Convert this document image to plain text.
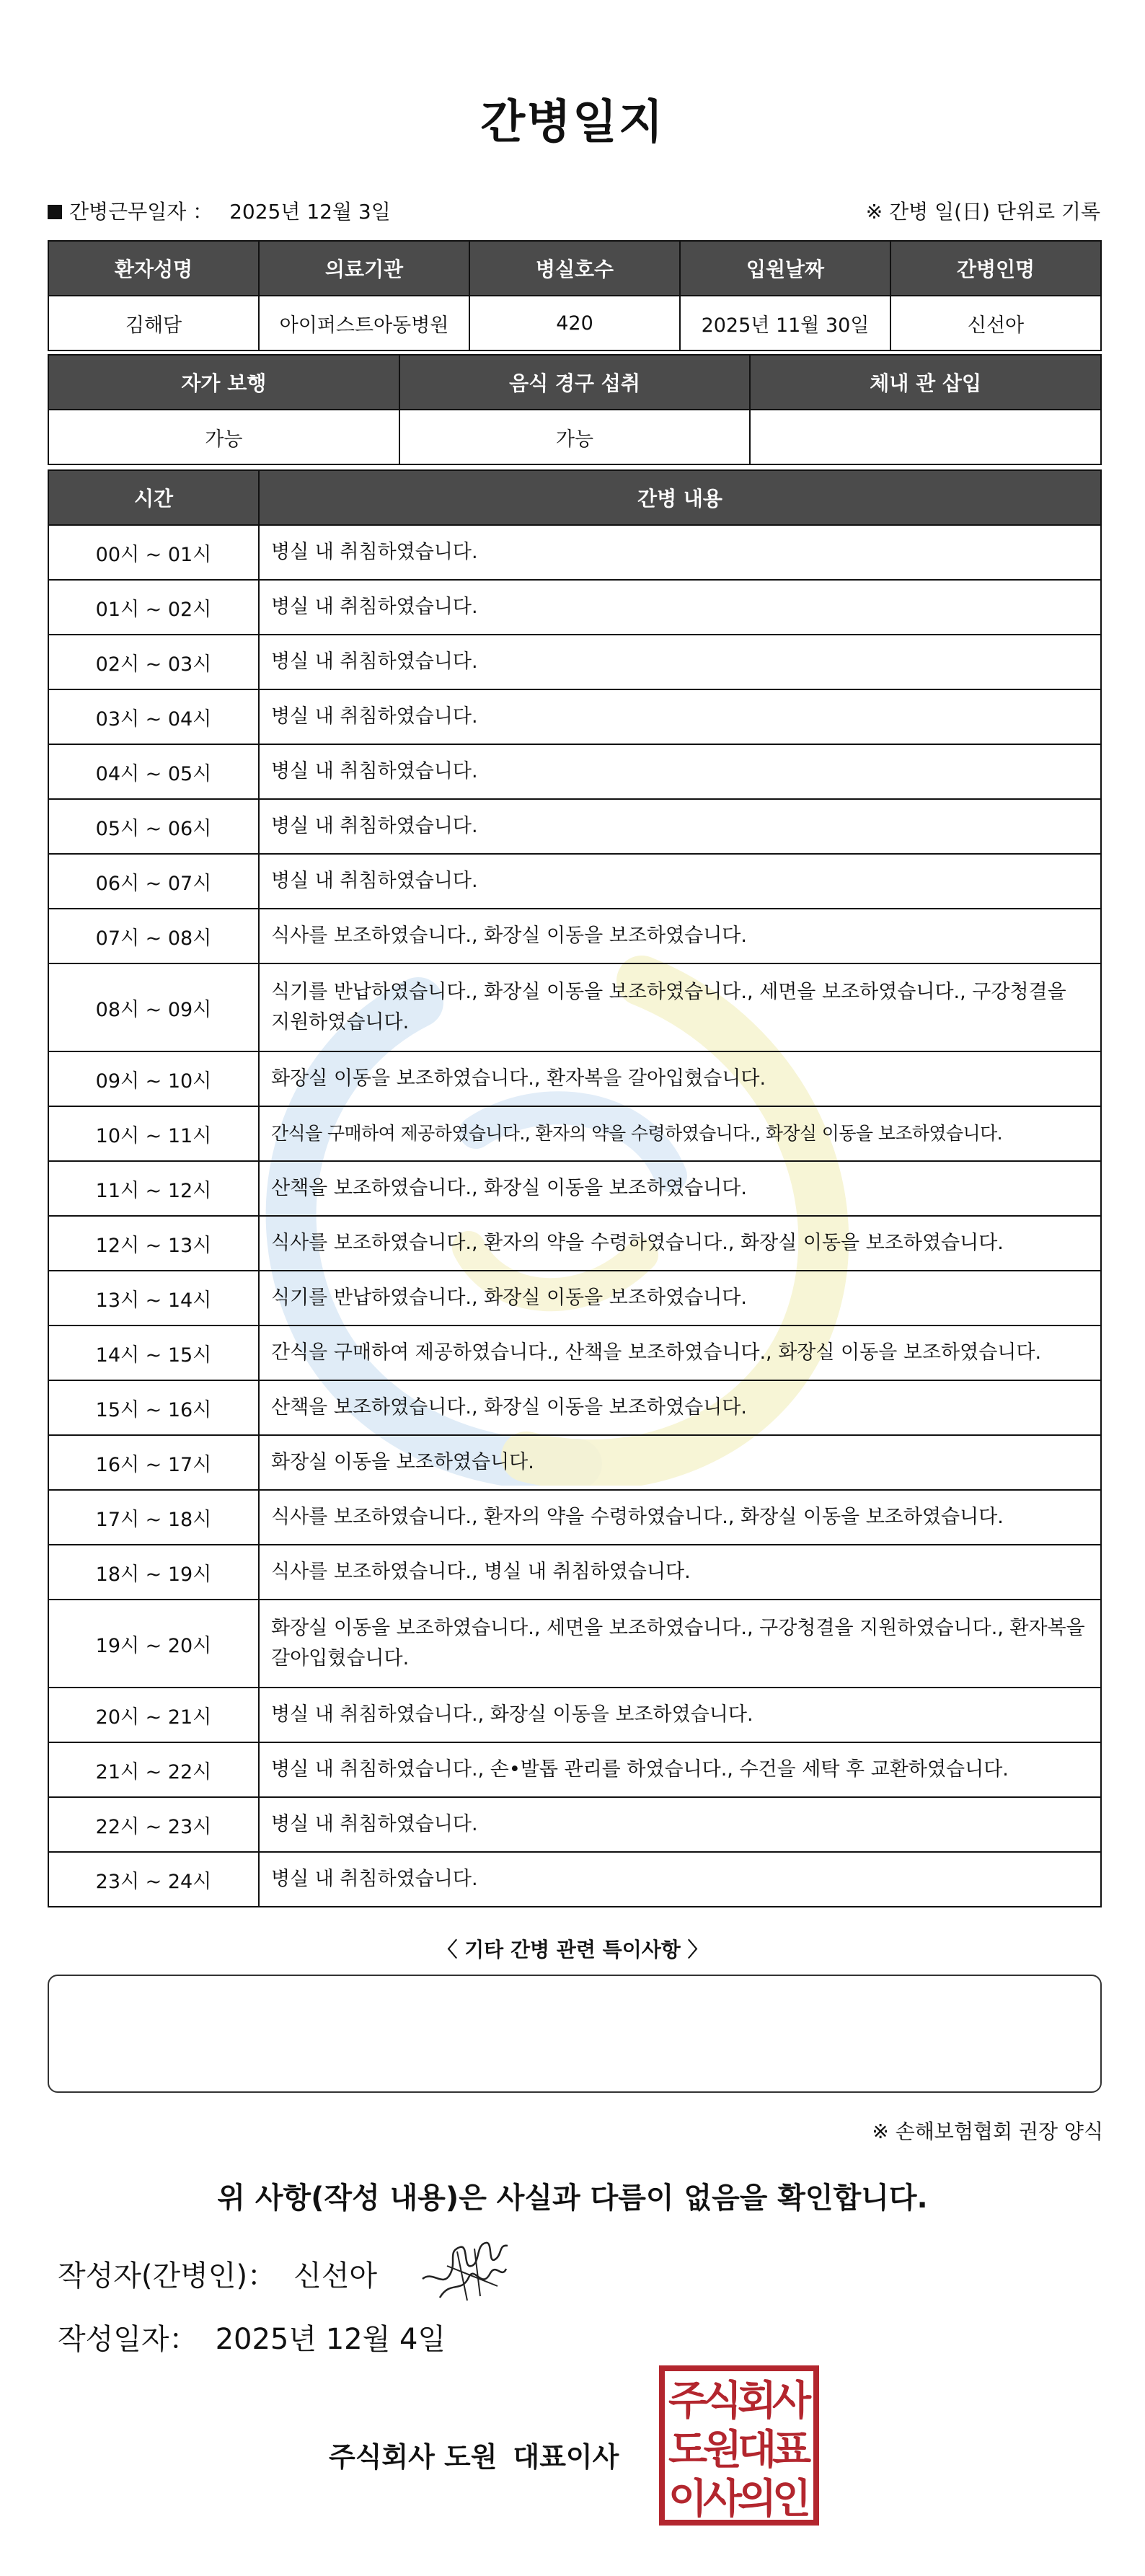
간병일지
간병근무일자 ： 2025년 12월 3일	※ 간병 일(日) 단위로 기록
환자성명	의료기관	병실호수	입원날짜	간병인명
김해담	아이퍼스트아동병원	420	2025년 11월 30일	신선아
자가 보행	음식 경구 섭취	체내 관 삽입
가능	가능	
시간	간병 내용
00시 ~ 01시	병실 내 취침하였습니다.
01시 ~ 02시	병실 내 취침하였습니다.
02시 ~ 03시	병실 내 취침하였습니다.
03시 ~ 04시	병실 내 취침하였습니다.
04시 ~ 05시	병실 내 취침하였습니다.
05시 ~ 06시	병실 내 취침하였습니다.
06시 ~ 07시	병실 내 취침하였습니다.
07시 ~ 08시	식사를 보조하였습니다., 화장실 이동을 보조하였습니다.
08시 ~ 09시	식기를 반납하였습니다., 화장실 이동을 보조하였습니다., 세면을 보조하였습니다., 구강청결을 지원하였습니다.
09시 ~ 10시	화장실 이동을 보조하였습니다., 환자복을 갈아입혔습니다.
10시 ~ 11시	간식을 구매하여 제공하였습니다., 환자의 약을 수령하였습니다., 화장실 이동을 보조하였습니다.
11시 ~ 12시	산책을 보조하였습니다., 화장실 이동을 보조하였습니다.
12시 ~ 13시	식사를 보조하였습니다., 환자의 약을 수령하였습니다., 화장실 이동을 보조하였습니다.
13시 ~ 14시	식기를 반납하였습니다., 화장실 이동을 보조하였습니다.
14시 ~ 15시	간식을 구매하여 제공하였습니다., 산책을 보조하였습니다., 화장실 이동을 보조하였습니다.
15시 ~ 16시	산책을 보조하였습니다., 화장실 이동을 보조하였습니다.
16시 ~ 17시	화장실 이동을 보조하였습니다.
17시 ~ 18시	식사를 보조하였습니다., 환자의 약을 수령하였습니다., 화장실 이동을 보조하였습니다.
18시 ~ 19시	식사를 보조하였습니다., 병실 내 취침하였습니다.
19시 ~ 20시	화장실 이동을 보조하였습니다., 세면을 보조하였습니다., 구강청결을 지원하였습니다., 환자복을 갈아입혔습니다.
20시 ~ 21시	병실 내 취침하였습니다., 화장실 이동을 보조하였습니다.
21시 ~ 22시	병실 내 취침하였습니다., 손•발톱 관리를 하였습니다., 수건을 세탁 후 교환하였습니다.
22시 ~ 23시	병실 내 취침하였습니다.
23시 ~ 24시	병실 내 취침하였습니다.
〈 기타 간병 관련 특이사항 〉
※ 손해보험협회 권장 양식
위 사항(작성 내용)은 사실과 다름이 없음을 확인합니다.
작성자(간병인)： 신선아
작성일자： 2025년 12월 4일
주식회사 도원 대표이사
주
식
회
사
도
원
대
표
이
사
의
인
